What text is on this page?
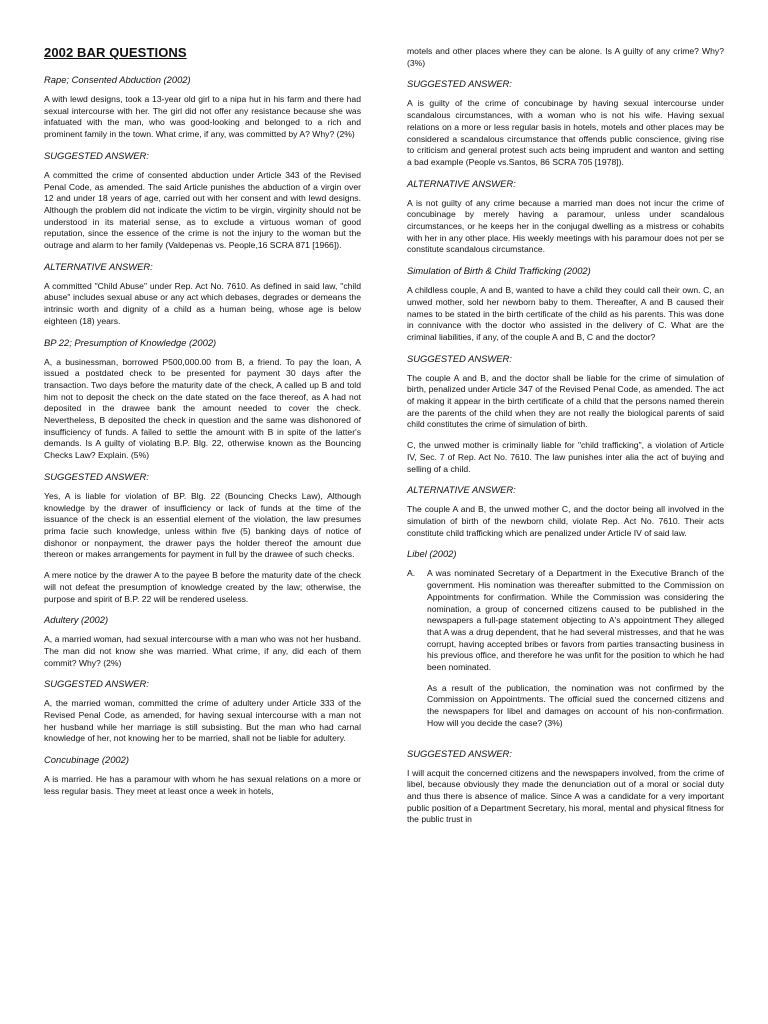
2002 BAR QUESTIONS
Rape; Consented Abduction (2002)
A with lewd designs, took a 13-year old girl to a nipa hut in his farm and there had sexual intercourse with her. The girl did not offer any resistance because she was infatuated with the man, who was good-looking and belonged to a rich and prominent family in the town. What crime, if any, was committed by A? Why? (2%)
SUGGESTED ANSWER:
A committed the crime of consented abduction under Article 343 of the Revised Penal Code, as amended. The said Article punishes the abduction of a virgin over 12 and under 18 years of age, carried out with her consent and with lewd designs. Although the problem did not indicate the victim to be virgin, virginity should not be understood in its material sense, as to exclude a virtuous woman of good reputation, since the essence of the crime is not the injury to the woman but the outrage and alarm to her family (Valdepenas vs. People,16 SCRA 871 [1966]).
ALTERNATIVE ANSWER:
A committed "Child Abuse" under Rep. Act No. 7610. As defined in said law, "child abuse" includes sexual abuse or any act which debases, degrades or demeans the intrinsic worth and dignity of a child as a human being, whose age is below eighteen (18) years.
BP 22; Presumption of Knowledge (2002)
A, a businessman, borrowed P500,000.00 from B, a friend. To pay the loan, A issued a postdated check to be presented for payment 30 days after the transaction. Two days before the maturity date of the check, A called up B and told him not to deposit the check on the date stated on the face thereof, as A had not deposited in the drawee bank the amount needed to cover the check. Nevertheless, B deposited the check in question and the same was dishonored of insufficiency of funds. A failed to settle the amount with B in spite of the latter's demands. Is A guilty of violating B.P. Blg. 22, otherwise known as the Bouncing Checks Law? Explain. (5%)
SUGGESTED ANSWER:
Yes, A is liable for violation of BP. Blg. 22 (Bouncing Checks Law), Although knowledge by the drawer of insufficiency or lack of funds at the time of the issuance of the check is an essential element of the violation, the law presumes prima facie such knowledge, unless within five (5) banking days of notice of dishonor or nonpayment, the drawer pays the holder thereof the amount due thereon or makes arrangements for payment in full by the drawee of such checks.
A mere notice by the drawer A to the payee B before the maturity date of the check will not defeat the presumption of knowledge created by the law; otherwise, the purpose and spirit of B.P. 22 will be rendered useless.
Adultery (2002)
A, a married woman, had sexual intercourse with a man who was not her husband. The man did not know she was married. What crime, if any, did each of them commit? Why? (2%)
SUGGESTED ANSWER:
A, the married woman, committed the crime of adultery under Article 333 of the Revised Penal Code, as amended, for having sexual intercourse with a man not her husband while her marriage is still subsisting. But the man who had carnal knowledge of her, not knowing her to be married, shall not be liable for adultery.
Concubinage (2002)
A is married. He has a paramour with whom he has sexual relations on a more or less regular basis. They meet at least once a week in hotels,
motels and other places where they can be alone. Is A guilty of any crime? Why? (3%)
SUGGESTED ANSWER:
A is guilty of the crime of concubinage by having sexual intercourse under scandalous circumstances, with a woman who is not his wife. Having sexual relations on a more or less regular basis in hotels, motels and other places may be considered a scandalous circumstance that offends public conscience, giving rise to criticism and general protest such acts being imprudent and wanton and setting a bad example (People vs.Santos, 86 SCRA 705 [1978]).
ALTERNATIVE ANSWER:
A is not guilty of any crime because a married man does not incur the crime of concubinage by merely having a paramour, unless under scandalous circumstances, or he keeps her in the conjugal dwelling as a mistress or cohabits with her in any other place. His weekly meetings with his paramour does not per se constitute scandalous circumstance.
Simulation of Birth & Child Trafficking (2002)
A childless couple, A and B, wanted to have a child they could call their own. C, an unwed mother, sold her newborn baby to them. Thereafter, A and B caused their names to be stated in the birth certificate of the child as his parents. This was done in connivance with the doctor who assisted in the delivery of C. What are the criminal liabilities, if any, of the couple A and B, C and the doctor?
SUGGESTED ANSWER:
The couple A and B, and the doctor shall be liable for the crime of simulation of birth, penalized under Article 347 of the Revised Penal Code, as amended. The act of making it appear in the birth certificate of a child that the persons named therein are the parents of the child when they are not really the biological parents of said child constitutes the crime of simulation of birth.
C, the unwed mother is criminally liable for "child trafficking", a violation of Article IV, Sec. 7 of Rep. Act No. 7610. The law punishes inter alia the act of buying and selling of a child.
ALTERNATIVE ANSWER:
The couple A and B, the unwed mother C, and the doctor being all involved in the simulation of birth of the newborn child, violate Rep. Act No. 7610. Their acts constitute child trafficking which are penalized under Article IV of said law.
Libel (2002)
A.	A was nominated Secretary of a Department in the Executive Branch of the government. His nomination was thereafter submitted to the Commission on Appointments for confirmation. While the Commission was considering the nomination, a group of concerned citizens caused to be published in the newspapers a full-page statement objecting to A's appointment They alleged that A was a drug dependent, that he had several mistresses, and that he was corrupt, having accepted bribes or favors from parties transacting business in his previous office, and therefore he was unfit for the position to which he had been nominated.
As a result of the publication, the nomination was not confirmed by the Commission on Appointments. The official sued the concerned citizens and the newspapers for libel and damages on account of his non-confirmation. How will you decide the case? (3%)
SUGGESTED ANSWER:
I will acquit the concerned citizens and the newspapers involved, from the crime of libel, because obviously they made the denunciation out of a moral or social duty and thus there is absence of malice. Since A was a candidate for a very important public position of a Department Secretary, his moral, mental and physical fitness for the public trust in
